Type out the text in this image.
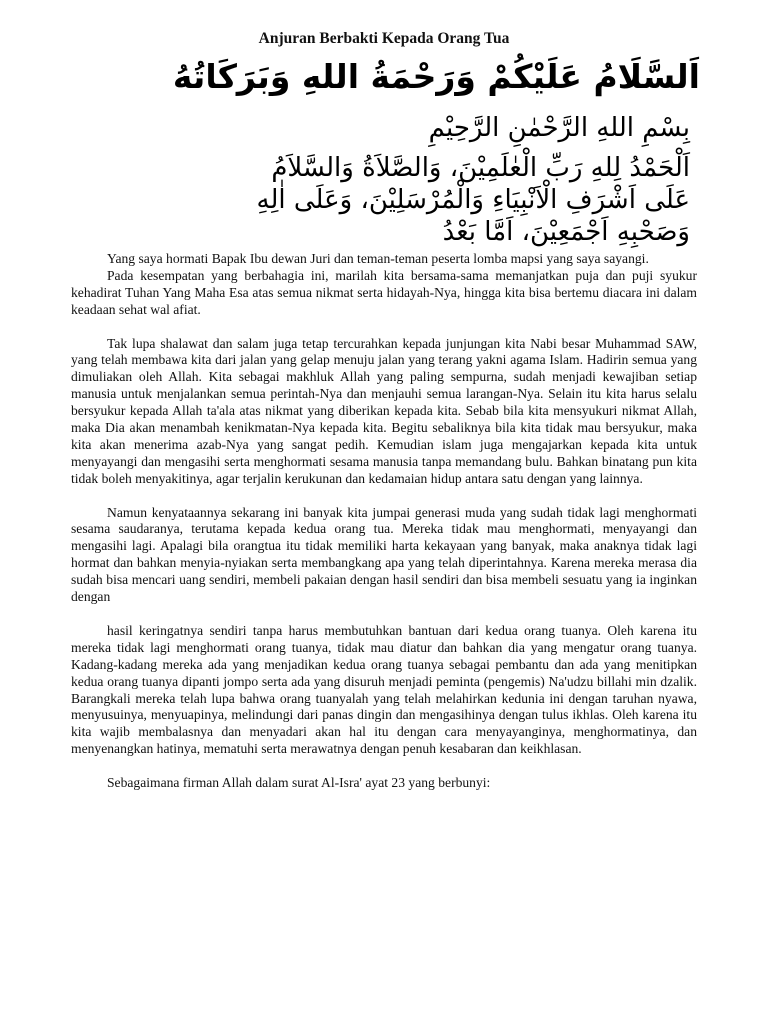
Anjuran Berbakti Kepada Orang Tua
اَلسَّلَامُ عَلَيْكُمْ وَرَحْمَةُ اللهِ وَبَرَكَاتُهُ
بِسْمِ اللهِ الرَّحْمٰنِ الرَّحِيْمِ
اَلْحَمْدُ لِلهِ رَبِّ الْعٰلَمِيْنَ، وَالصَّلاَةُ وَالسَّلاَمُ
عَلَى اَشْرَفِ الْاَنْبِيَاءِ وَالْمُرْسَلِيْنَ، وَعَلَى اٰلِهِ
وَصَحْبِهِ اَجْمَعِيْنَ، اَمَّا بَعْدُ

Yang saya hormati Bapak Ibu dewan Juri dan teman-teman peserta lomba mapsi yang saya sayangi.

Pada kesempatan yang berbahagia ini, marilah kita bersama-sama memanjatkan puja dan puji syukur kehadirat Tuhan Yang Maha Esa atas semua nikmat serta hidayah-Nya, hingga kita bisa bertemu diacara ini dalam keadaan sehat wal afiat.

Tak lupa shalawat dan salam juga tetap tercurahkan kepada junjungan kita Nabi besar Muhammad SAW, yang telah membawa kita dari jalan yang gelap menuju jalan yang terang yakni agama Islam. Hadirin semua yang dimuliakan oleh Allah. Kita sebagai makhluk Allah yang paling sempurna, sudah menjadi kewajiban setiap manusia untuk menjalankan semua perintah-Nya dan menjauhi semua larangan-Nya. Selain itu kita harus selalu bersyukur kepada Allah ta'ala atas nikmat yang diberikan kepada kita. Sebab bila kita mensyukuri nikmat Allah, maka Dia akan menambah kenikmatan-Nya kepada kita. Begitu sebaliknya bila kita tidak mau bersyukur, maka kita akan menerima azab-Nya yang sangat pedih. Kemudian islam juga mengajarkan kepada kita untuk menyayangi dan mengasihi serta menghormati sesama manusia tanpa memandang bulu. Bahkan binatang pun kita tidak boleh menyakitinya, agar terjalin kerukunan dan kedamaian hidup antara satu dengan yang lainnya.

Namun kenyataannya sekarang ini banyak kita jumpai generasi muda yang sudah tidak lagi menghormati sesama saudaranya, terutama kepada kedua orang tua. Mereka tidak mau menghormati, menyayangi dan mengasihi lagi. Apalagi bila orangtua itu tidak memiliki harta kekayaan yang banyak, maka anaknya tidak lagi hormat dan bahkan menyia-nyiakan serta membangkang apa yang telah diperintahnya. Karena mereka merasa dia sudah bisa mencari uang sendiri, membeli pakaian dengan hasil sendiri dan bisa membeli sesuatu yang ia inginkan dengan

hasil keringatnya sendiri tanpa harus membutuhkan bantuan dari kedua orang tuanya. Oleh karena itu mereka tidak lagi menghormati orang tuanya, tidak mau diatur dan bahkan dia yang mengatur orang tuanya. Kadang-kadang mereka ada yang menjadikan kedua orang tuanya sebagai pembantu dan ada yang menitipkan kedua orang tuanya dipanti jompo serta ada yang disuruh menjadi peminta (pengemis) Na'udzu billahi min dzalik. Barangkali mereka telah lupa bahwa orang tuanyalah yang telah melahirkan kedunia ini dengan taruhan nyawa, menyusuinya, menyuapinya, melindungi dari panas dingin dan mengasihinya dengan tulus ikhlas. Oleh karena itu kita wajib membalasnya dan menyadari akan hal itu dengan cara menyayanginya, menghormatinya, dan menyenangkan hatinya, mematuhi serta merawatnya dengan penuh kesabaran dan keikhlasan.

Sebagaimana firman Allah dalam surat Al-Isra' ayat 23 yang berbunyi:
